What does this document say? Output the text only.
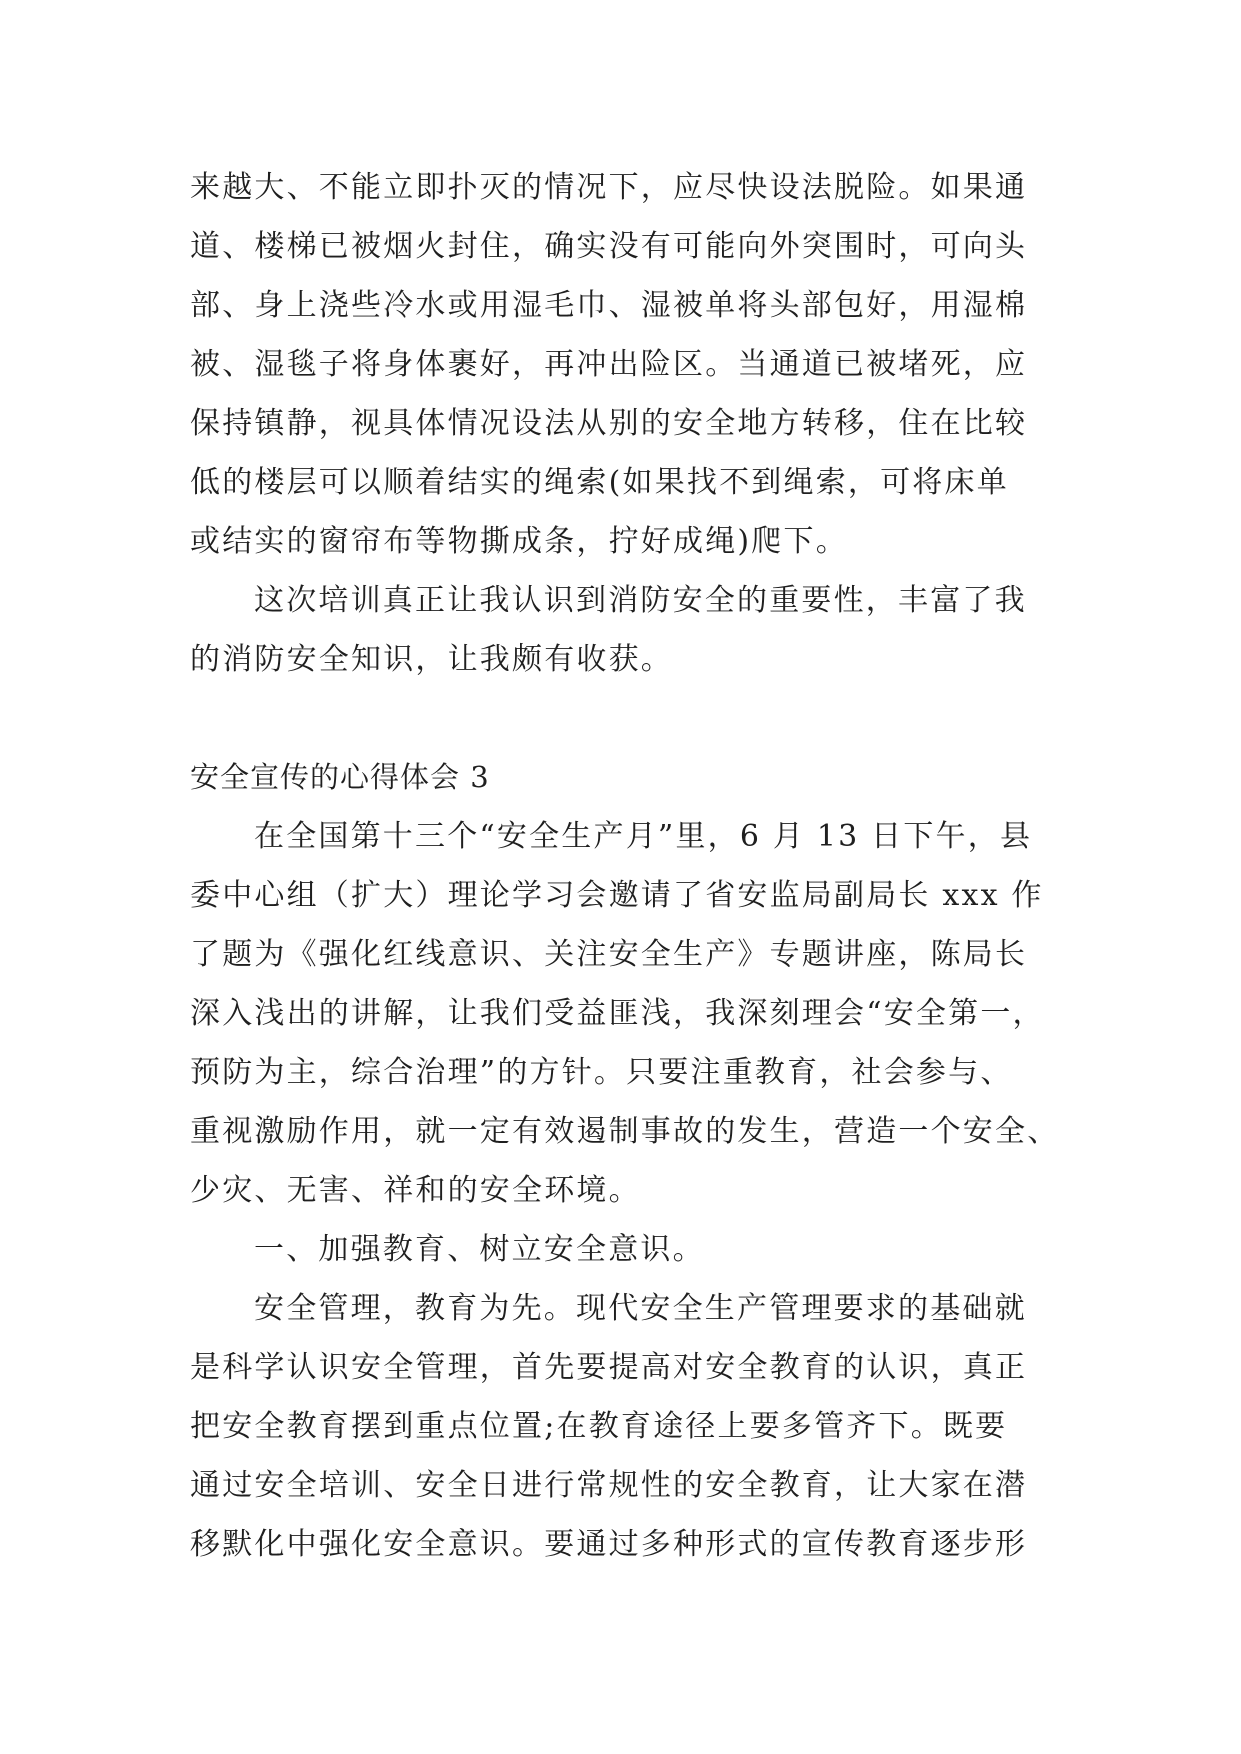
来越大、不能立即扑灭的情况下，应尽快设法脱险。如果通
道、楼梯已被烟火封住，确实没有可能向外突围时，可向头
部、身上浇些冷水或用湿毛巾、湿被单将头部包好，用湿棉
被、湿毯子将身体裹好，再冲出险区。当通道已被堵死，应
保持镇静，视具体情况设法从别的安全地方转移，住在比较
低的楼层可以顺着结实的绳索(如果找不到绳索，可将床单
或结实的窗帘布等物撕成条，拧好成绳)爬下。
这次培训真正让我认识到消防安全的重要性，丰富了我
的消防安全知识，让我颇有收获。
安全宣传的心得体会 3
在全国第十三个“安全生产月”里，6 月 13 日下午，县
委中心组（扩大）理论学习会邀请了省安监局副局长 xxx 作
了题为《强化红线意识、关注安全生产》专题讲座，陈局长
深入浅出的讲解，让我们受益匪浅，我深刻理会“安全第一，
预防为主，综合治理”的方针。只要注重教育，社会参与、
重视激励作用，就一定有效遏制事故的发生，营造一个安全、
少灾、无害、祥和的安全环境。
一、加强教育、树立安全意识。
安全管理，教育为先。现代安全生产管理要求的基础就
是科学认识安全管理，首先要提高对安全教育的认识，真正
把安全教育摆到重点位置;在教育途径上要多管齐下。既要
通过安全培训、安全日进行常规性的安全教育，让大家在潜
移默化中强化安全意识。要通过多种形式的宣传教育逐步形
